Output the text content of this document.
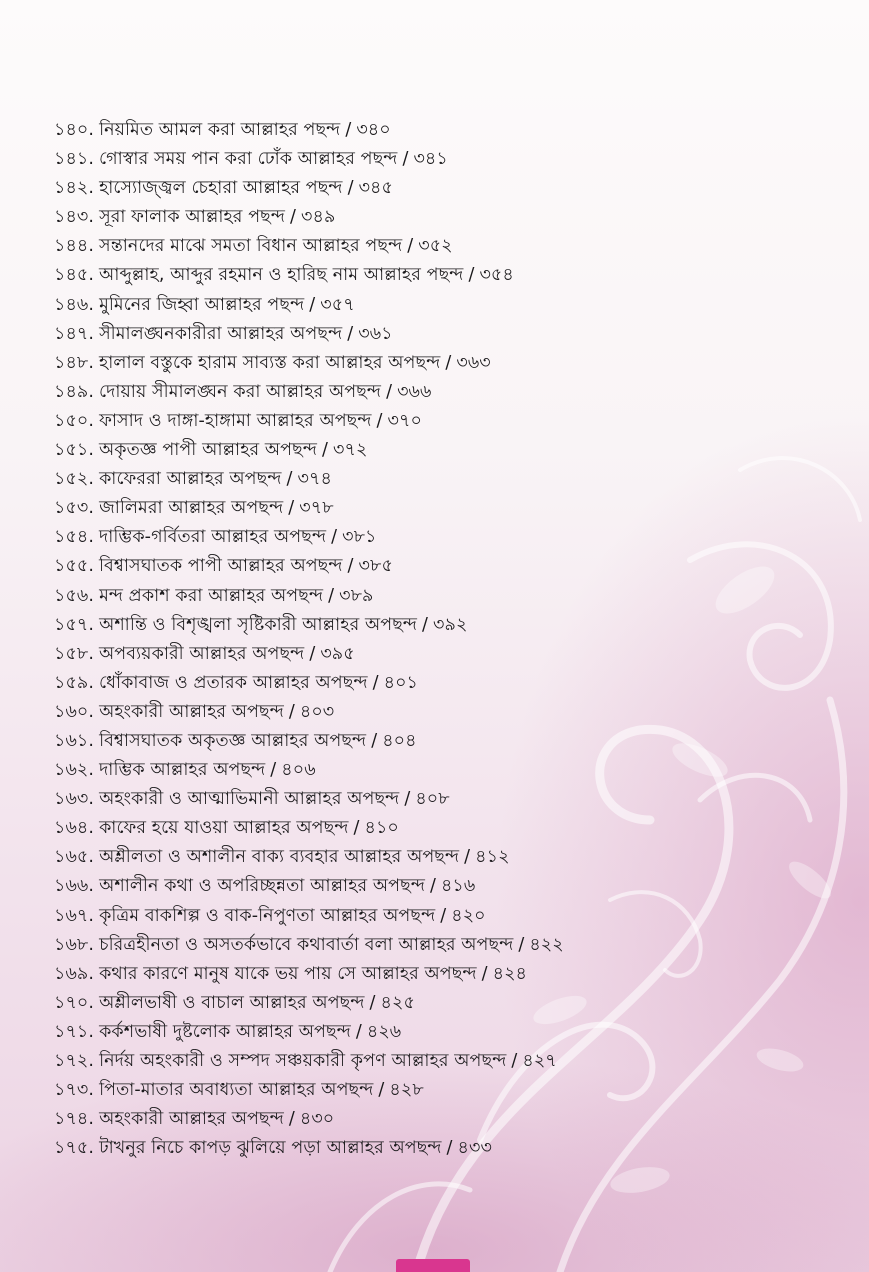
১৪০. নিয়মিত আমল করা আল্লাহর পছন্দ / ৩৪০
১৪১. গোস্বার সময় পান করা ঢোঁক আল্লাহর পছন্দ / ৩৪১
১৪২. হাস্যোজ্জ্বল চেহারা আল্লাহর পছন্দ / ৩৪৫
১৪৩. সূরা ফালাক আল্লাহর পছন্দ / ৩৪৯
১৪৪. সন্তানদের মাঝে সমতা বিধান আল্লাহর পছন্দ / ৩৫২
১৪৫. আব্দুল্লাহ, আব্দুর রহমান ও হারিছ নাম আল্লাহর পছন্দ / ৩৫৪
১৪৬. মুমিনের জিহ্বা আল্লাহর পছন্দ / ৩৫৭
১৪৭. সীমালঙ্ঘনকারীরা আল্লাহর অপছন্দ / ৩৬১
১৪৮. হালাল বস্তুকে হারাম সাব্যস্ত করা আল্লাহর অপছন্দ / ৩৬৩
১৪৯. দোয়ায় সীমালঙ্ঘন করা আল্লাহর অপছন্দ / ৩৬৬
১৫০. ফাসাদ ও দাঙ্গা-হাঙ্গামা আল্লাহর অপছন্দ / ৩৭০
১৫১. অকৃতজ্ঞ পাপী আল্লাহর অপছন্দ / ৩৭২
১৫২. কাফেররা আল্লাহর অপছন্দ / ৩৭৪
১৫৩. জালিমরা আল্লাহর অপছন্দ / ৩৭৮
১৫৪. দাম্ভিক-গর্বিতরা আল্লাহর অপছন্দ / ৩৮১
১৫৫. বিশ্বাসঘাতক পাপী আল্লাহর অপছন্দ / ৩৮৫
১৫৬. মন্দ প্রকাশ করা আল্লাহর অপছন্দ / ৩৮৯
১৫৭. অশান্তি ও বিশৃঙ্খলা সৃষ্টিকারী আল্লাহর অপছন্দ / ৩৯২
১৫৮. অপব্যয়কারী আল্লাহর অপছন্দ / ৩৯৫
১৫৯. ধোঁকাবাজ ও প্রতারক আল্লাহর অপছন্দ / ৪০১
১৬০. অহংকারী আল্লাহর অপছন্দ / ৪০৩
১৬১. বিশ্বাসঘাতক অকৃতজ্ঞ আল্লাহর অপছন্দ / ৪০৪
১৬২. দাম্ভিক আল্লাহর অপছন্দ / ৪০৬
১৬৩. অহংকারী ও আত্মাভিমানী আল্লাহর অপছন্দ / ৪০৮
১৬৪. কাফের হয়ে যাওয়া আল্লাহর অপছন্দ / ৪১০
১৬৫. অশ্লীলতা ও অশালীন বাক্য ব্যবহার আল্লাহর অপছন্দ / ৪১২
১৬৬. অশালীন কথা ও অপরিচ্ছন্নতা আল্লাহর অপছন্দ / ৪১৬
১৬৭. কৃত্রিম বাকশিল্প ও বাক-নিপুণতা আল্লাহর অপছন্দ / ৪২০
১৬৮. চরিত্রহীনতা ও অসতর্কভাবে কথাবার্তা বলা আল্লাহর অপছন্দ / ৪২২
১৬৯. কথার কারণে মানুষ যাকে ভয় পায় সে আল্লাহর অপছন্দ / ৪২৪
১৭০. অশ্লীলভাষী ও বাচাল আল্লাহর অপছন্দ / ৪২৫
১৭১. কর্কশভাষী দুষ্টলোক আল্লাহর অপছন্দ / ৪২৬
১৭২. নির্দয় অহংকারী ও সম্পদ সঞ্চয়কারী কৃপণ আল্লাহর অপছন্দ / ৪২৭
১৭৩. পিতা-মাতার অবাধ্যতা আল্লাহর অপছন্দ / ৪২৮
১৭৪. অহংকারী আল্লাহর অপছন্দ / ৪৩০
১৭৫. টাখনুর নিচে কাপড় ঝুলিয়ে পড়া আল্লাহর অপছন্দ / ৪৩৩
